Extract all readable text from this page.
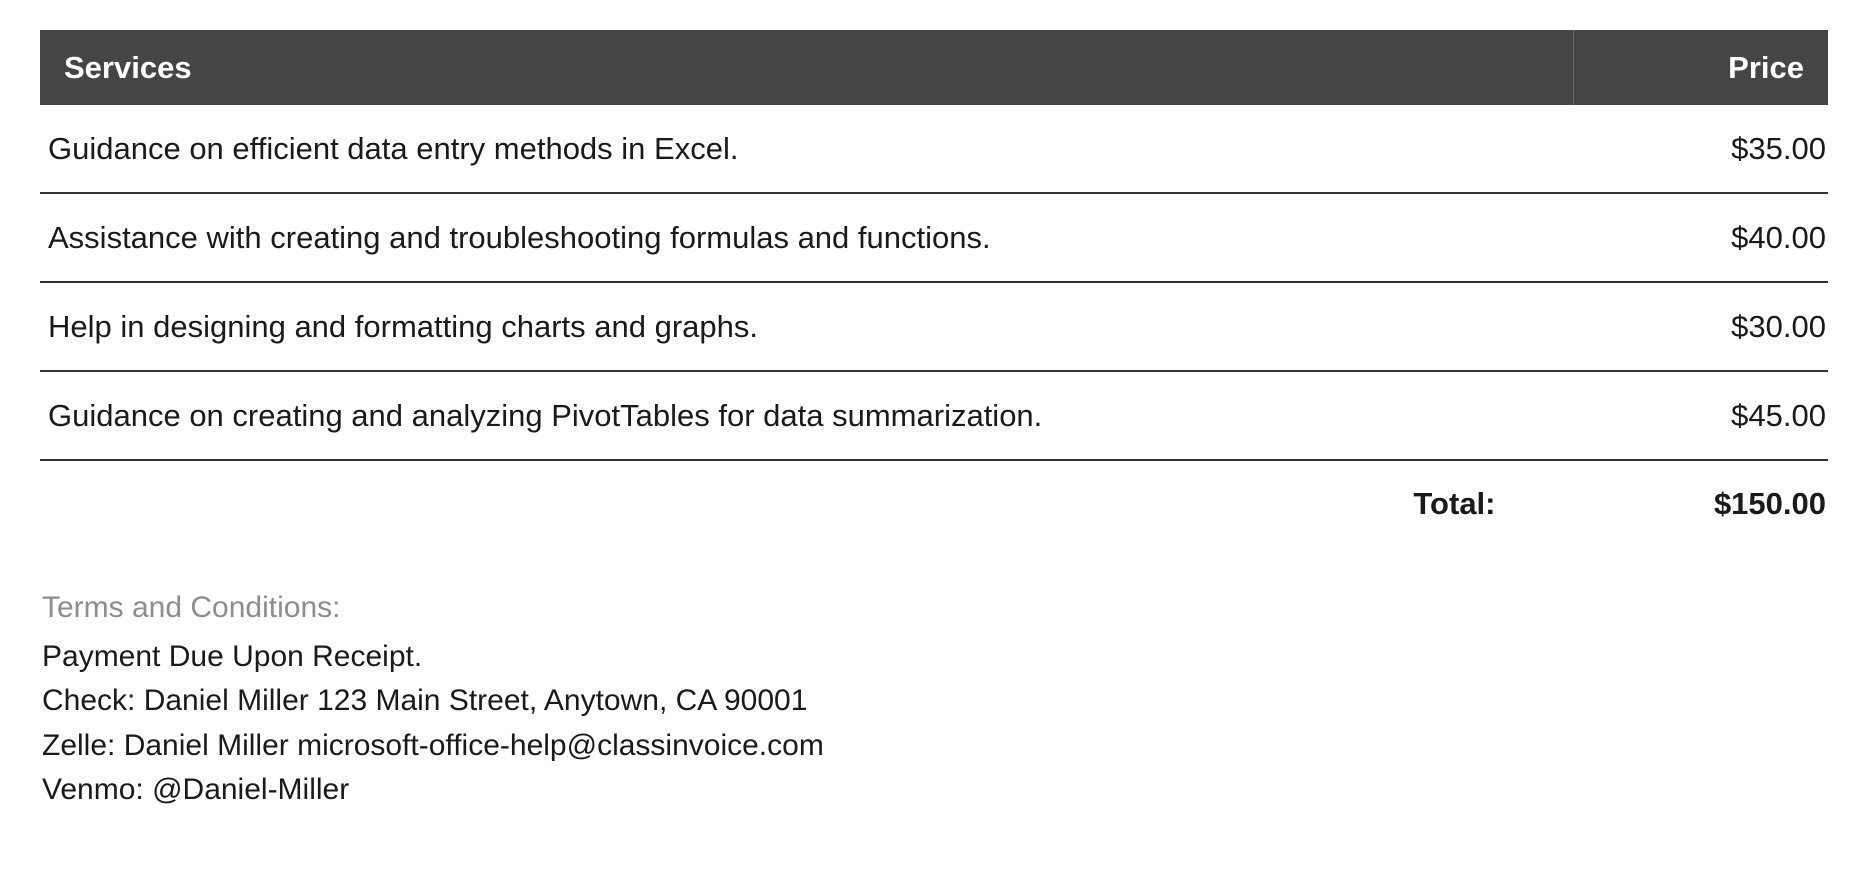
Services	Price
Guidance on efficient data entry methods in Excel.	$35.00
Assistance with creating and troubleshooting formulas and functions.	$40.00
Help in designing and formatting charts and graphs.	$30.00
Guidance on creating and analyzing PivotTables for data summarization.	$45.00
Total:	$150.00
Terms and Conditions:
Payment Due Upon Receipt.
Check: Daniel Miller 123 Main Street, Anytown, CA 90001
Zelle: Daniel Miller microsoft-office-help@classinvoice.com
Venmo: @Daniel-Miller
